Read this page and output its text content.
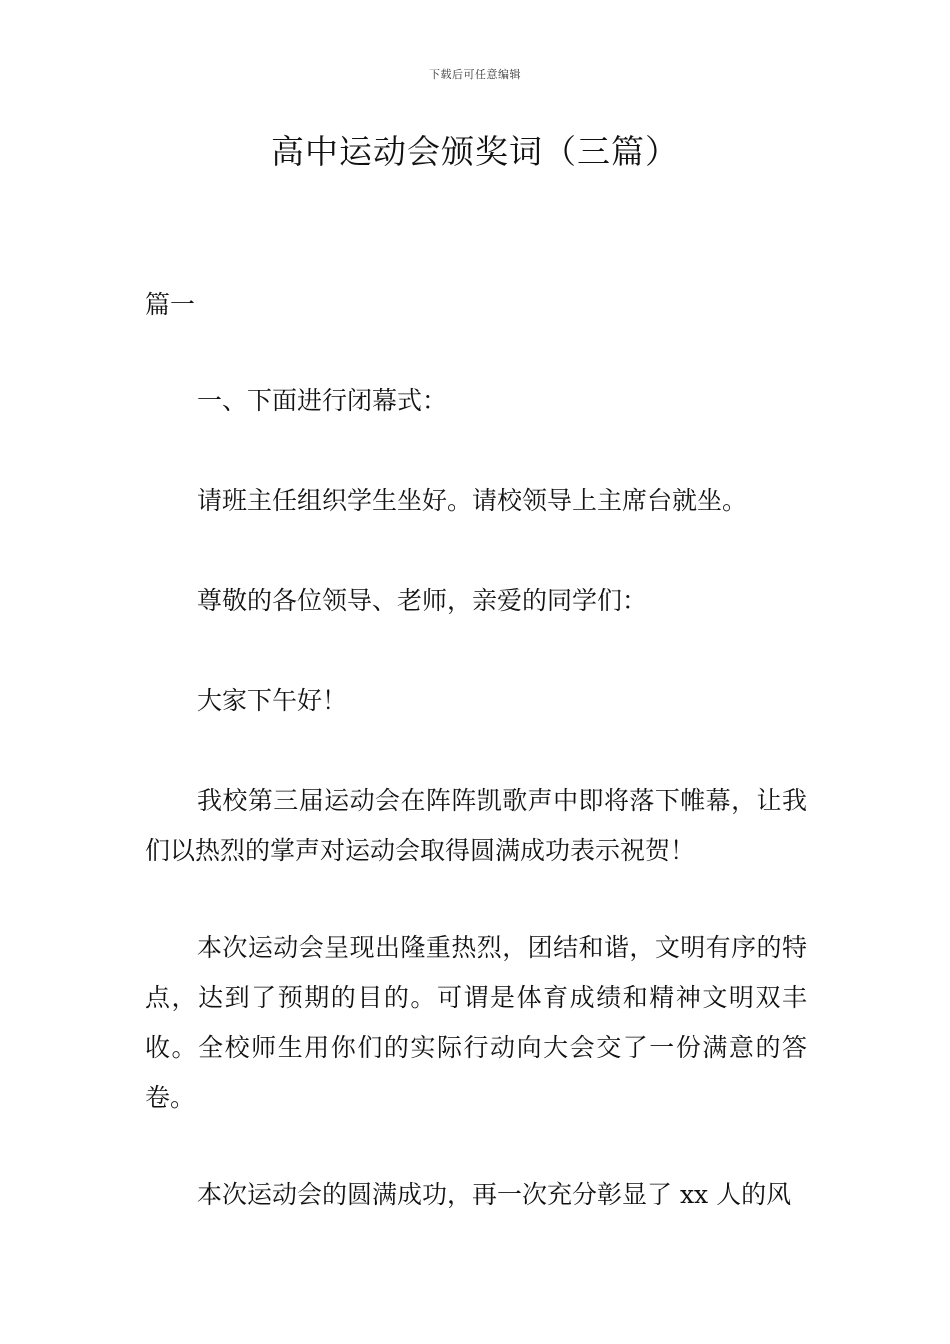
下载后可任意编辑
高中运动会颁奖词（三篇）

篇一

一、下面进行闭幕式：

请班主任组织学生坐好。请校领导上主席台就坐。

尊敬的各位领导、老师，亲爱的同学们：

大家下午好！

我校第三届运动会在阵阵凯歌声中即将落下帷幕，让我们以热烈的掌声对运动会取得圆满成功表示祝贺！

本次运动会呈现出隆重热烈，团结和谐，文明有序的特点，达到了预期的目的。可谓是体育成绩和精神文明双丰收。全校师生用你们的实际行动向大会交了一份满意的答卷。

本次运动会的圆满成功，再一次充分彰显了 xx 人的风
